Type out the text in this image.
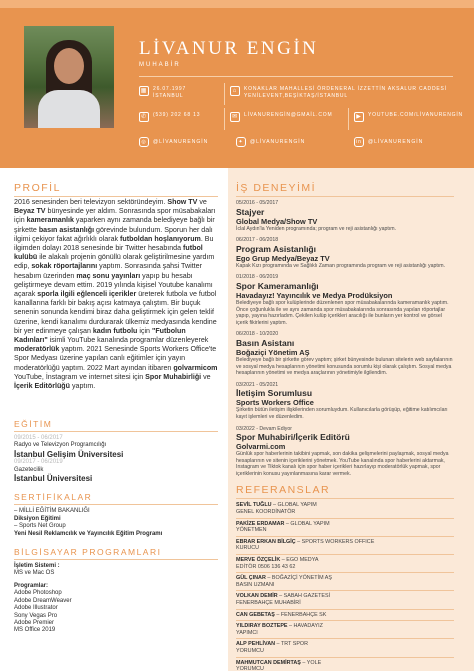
LİVANUR ENGİN
MUHABİR
▦	26.07.1997
İSTANBUL
⌂	KONAKLAR MAHALLESİ ÖRDENERAL İZZETTİN AKSALUR CADDESİ
YENİLEVENT,BEŞİKTAŞ/İSTANBUL
✆	(539) 202 68 13	✉	LİVANURENGİN@GMAİL.COM	▶	YOUTUBE.COM/LİVANURENGİN
◎	@LİVANURENGİN	✦	@LİVANURENGİN	in	@LİVANURENGİN
PROFİL
2016 senesinden beri televizyon sektöründeyim. Show TV ve Beyaz TV bünyesinde yer aldım. Sonrasında spor müsabakaları için kameramanlık yaparken aynı zamanda belediyeye bağlı bir şirkette basın asistanlığı görevinde bulundum. Sporun her dalı ilgimi çekiyor fakat ağırlıklı olarak futboldan hoşlanıyorum. Bu ilgimden dolayı 2018 senesinde bir Twitter hesabında futbol kulübü ile alakalı projenin gönüllü olarak geliştirilmesine yardım edip, sokak röportajlarını yaptım. Sonrasında şahsi Twitter hesabım üzerinden maç sonu yayınları yapıp bu hesabı geliştirmeye devam ettim. 2019 yılında kişisel Youtube kanalımı açarak sporla ilgili eğlenceli içerikler üreterek futbola ve futbol kanallarına farklı bir bakış açısı katmaya çalıştım. Bir buçuk senenin sonunda kendimi biraz daha geliştirmek için gelen teklif üzerine, kendi kanalımı durdurarak ülkemiz medyasında kendine bir yer edinmeye çalışan kadın futbolu için "Futbolun Kadınları" isimli YouTube kanalında programlar düzenleyerek moderatörlük yaptım. 2021 Senesinde Sports Workers Office'te Spor Medyası üzerine yapılan canlı eğitimler için yayın moderatörlüğü yaptım. 2022 Mart ayından itibaren golvarmicom YouTube, İnstagram ve internet sitesi için Spor Muhabirliği ve İçerik Editörlüğü yaptım.
EĞİTİM
09/2015 - 06/2017
Radyo ve Televizyon Programcılığı
İstanbul Gelişim Üniversitesi
09/2017 - 06/2019
Gazetecilik
İstanbul Üniversitesi
SERTİFİKALAR
– MİLLİ EĞİTİM BAKANLIĞI
Diksiyon Eğitimi
– Sports Net Group
Yeni Nesil Reklamcılık ve Yayıncılık Eğitim Programı
BİLGİSAYAR PROGRAMLARI
İşletim Sistemi :
MS ve Mac OS
Programlar:
Adobe Photoshop
Adobe DreamWeaver
Adobe Illustrator
Sony Vegas Pro
Adobe Premier
MS Office 2019
İŞ DENEYİMİ
05/2016 - 05/2017
Stajyer
Global Medya/Show TV
İclal Aydın'la Yeniden programında; program ve reji asistanlığı yaptım.
06/2017 - 06/2018
Program Asistanlığı
Ego Grup Medya/Beyaz TV
Kapak Kızı programında ve Sağlıklı Zaman programında program ve reji asistanlığı yaptım.
01/2018 - 06/2019
Spor Kameramanlığı
Havadayız! Yayıncılık ve Medya Prodüksiyon
Belediyeye bağlı spor kulüplerinde düzenlenen spor müsabakalarında kameramanlık yaptım. Önce çoğunlukla ile ve aynı zamanda spor müsabakalarında sonrasında yapılan röportajlar yapıp, yayına hazırladım. Çekilen kulüp içerikleri aracılığı ile bunların yer kontrol ve görsel içerik fikirlerini yaptım.
06/2018 - 10/2020
Basın Asistanı
Boğaziçi Yönetim AŞ
Belediyeye bağlı bir şirkette görev yaptım; şirket bünyesinde bulunan sitelerin web sayfalarının ve sosyal medya hesaplarının yönetimi konusunda sorumlu kişi olarak çalıştım. Sosyal medya hesaplarının yönetimi ve medya araçlarının yönetimiyle ilgilendim.
03/2021 - 05/2021
İletişim Sorumlusu
Sports Workers Office
Şirketin bütün iletişim ilişkilerinden sorumluydum. Kullanıcılarla görüşüp, eğitime katılımcıları kayıt işlemleri ve düzenledim.
03/2022 - Devam Ediyor
Spor Muhabiri/İçerik Editörü
Golvarmi.com
Günlük spor haberlerinin takibini yapmak, son dakika gelişmelerini paylaşmak, sosyal medya hesaplarının ve sitenin içeriklerini yönetmek. YouTube kanalında spor haberlerini aktarmak, Instagram ve Tiktok kanalı için spor haber içerikleri hazırlayıp moderatörlük yapmak, spor içeriklerinin konusu yayınlanmasına karar vermek.
REFERANSLAR
SEVİL TUĞLU – GLOBAL YAPIM
GENEL KOORDİNATÖR
PAKİZE ERDAMAR – GLOBAL YAPIM
YÖNETMEN
EBRAR ERKAN BİLGİÇ – SPORTS WORKERS OFFICE
KURUCU
MERVE ÖZÇELİK – EGO MEDYA
EDİTÖR 0506 136 43 62
GÜL ÇINAR – BOĞAZİÇİ YÖNETİM AŞ
BASIN UZMANI
VOLKAN DEMİR – SABAH GAZETESİ
FENERBAHÇE MUHABİRİ
CAN GEBETAŞ – FENERBAHÇE SK
YILDIRAY BOZTEPE – HAVADAYIZ
YAPIMCI
ALP PEHLİVAN – TRT SPOR
YORUMCU
MAHMUTCAN DEMİRTAŞ – YOLE
YORUMCU
